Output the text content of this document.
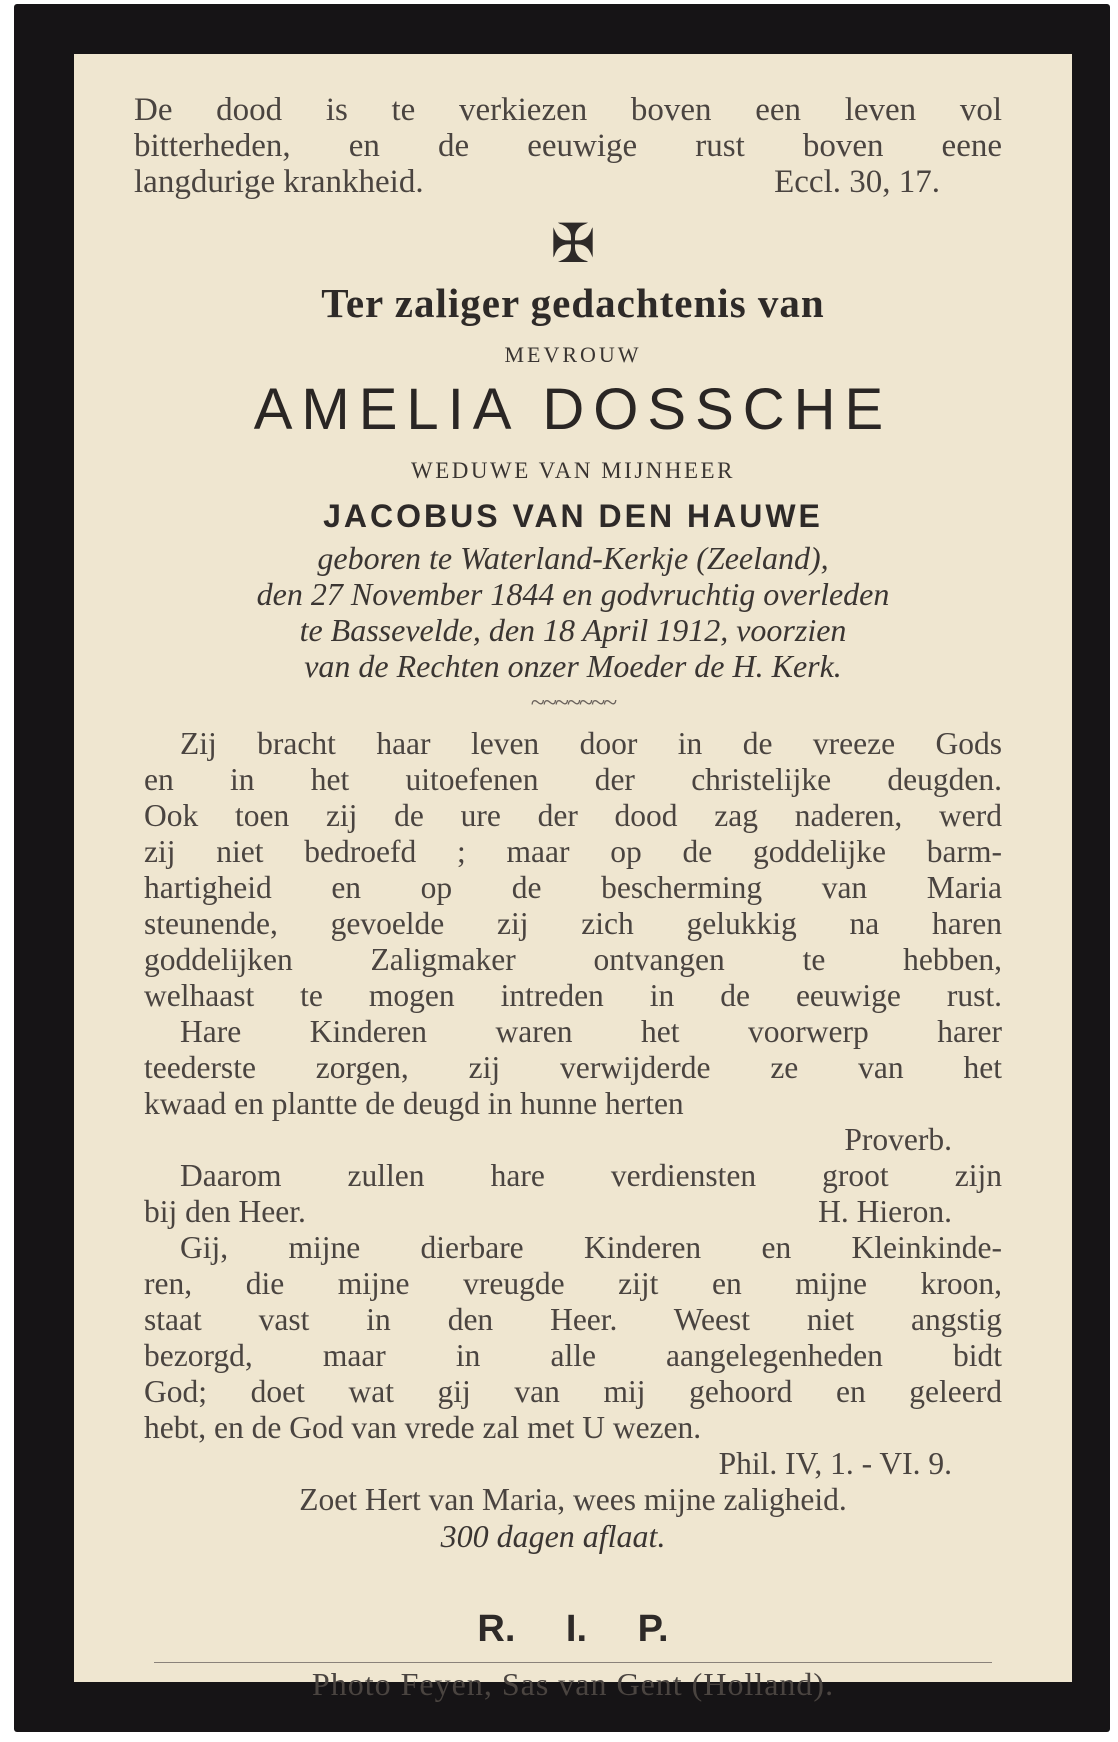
De dood is te verkiezen boven een leven vol
bitterheden, en de eeuwige rust boven eene
langdurige krankheid.	Eccl. 30, 17.
✠
Ter zaliger gedachtenis van
MEVROUW
AMELIA DOSSCHE
WEDUWE VAN MIJNHEER
JACOBUS VAN DEN HAUWE
geboren te Waterland-Kerkje (Zeeland),
den 27 November 1844 en godvruchtig overleden
te Bassevelde, den 18 April 1912, voorzien
van de Rechten onzer Moeder de H. Kerk.
~~~~~~~
Zij bracht haar leven door in de vreeze Gods
en in het uitoefenen der christelijke deugden.
Ook toen zij de ure der dood zag naderen, werd
zij niet bedroefd ; maar op de goddelijke barm-
hartigheid en op de bescherming van Maria
steunende, gevoelde zij zich gelukkig na haren
goddelijken Zaligmaker ontvangen te hebben,
welhaast te mogen intreden in de eeuwige rust.
Hare Kinderen waren het voorwerp harer
teederste zorgen, zij verwijderde ze van het
kwaad en plantte de deugd in hunne herten
Proverb.
Daarom zullen hare verdiensten groot zijn
bij den Heer.	H. Hieron.
Gij, mijne dierbare Kinderen en Kleinkinde-
ren, die mijne vreugde zijt en mijne kroon,
staat vast in den Heer. Weest niet angstig
bezorgd, maar in alle aangelegenheden bidt
God; doet wat gij van mij gehoord en geleerd
hebt, en de God van vrede zal met U wezen.
Phil. IV, 1. - VI. 9.
Zoet Hert van Maria, wees mijne zaligheid.
300 dagen aflaat.
R. I. P.
Photo Feyen, Sas van Gent (Holland).
